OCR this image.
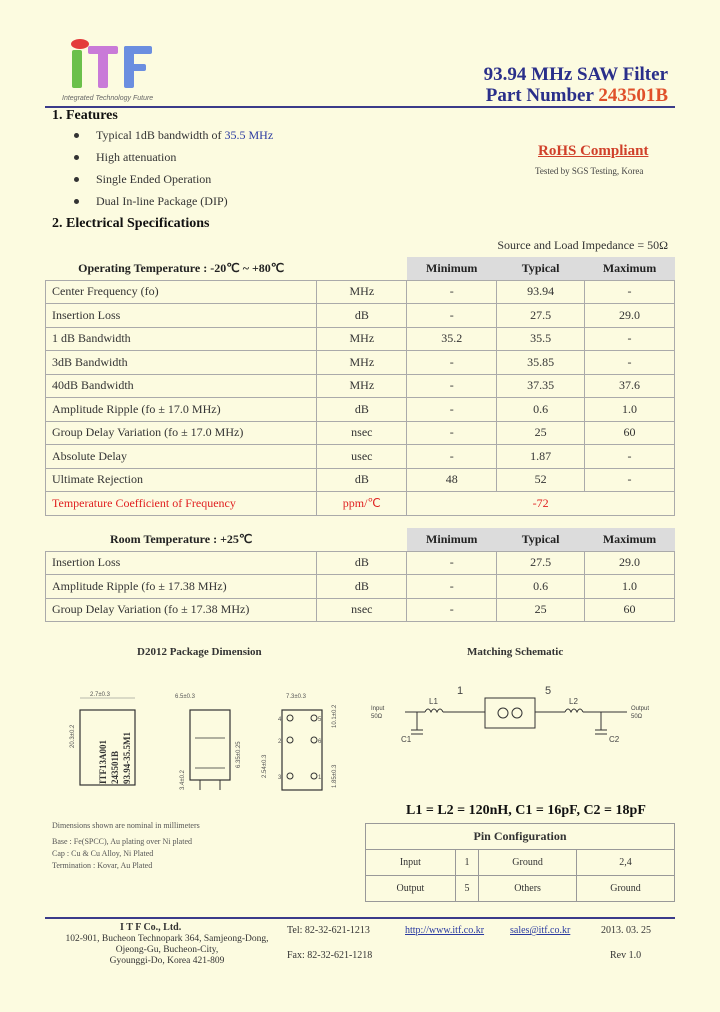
Integrated Technology Future
93.94 MHz SAW Filter
Part Number 243501B
1. Features
Typical 1dB bandwidth of 35.5 MHz
High attenuation
Single Ended Operation
Dual In-line Package (DIP)
RoHS Compliant
Tested by SGS Testing, Korea
2. Electrical Specifications
Source and Load Impedance = 50Ω
Operating Temperature : -20℃ ~ +80℃		Minimum	Typical	Maximum
Center Frequency (fo)	MHz	-	93.94	-
Insertion Loss	dB	-	27.5	29.0
1 dB Bandwidth	MHz	35.2	35.5	-
3dB Bandwidth	MHz	-	35.85	-
40dB Bandwidth	MHz	-	37.35	37.6
Amplitude Ripple (fo ± 17.0 MHz)	dB	-	0.6	1.0
Group Delay Variation (fo ± 17.0 MHz)	nsec	-	25	60
Absolute Delay	usec	-	1.87	-
Ultimate Rejection	dB	48	52	-
Temperature Coefficient of Frequency	ppm/℃	-72		
Room Temperature : +25℃		Minimum	Typical	Maximum
Insertion Loss	dB	-	27.5	29.0
Amplitude Ripple (fo ± 17.38 MHz)	dB	-	0.6	1.0
Group Delay Variation (fo ± 17.38 MHz)	nsec	-	25	60
D2012 Package Dimension
2.7±0.3
20.3±0.2
ITF13A001 243501B 93.94-35.5M1
6.5±0.3
6.35±0.25
3.4±0.2
4	5
6
3	1
2
7.3±0.3
2.54±0.3
10.1±0.2
1.85±0.3
Dimensions shown are nominal in millimeters
Base : Fe(SPCC), Au plating over Ni plated
Cap : Cu & Cu Alloy, Ni Plated
Termination : Kovar, Au Plated
Matching Schematic
1	5
Input
50Ω
Output
50Ω
L1	L2
C1	C2
L1 = L2 = 120nH, C1 = 16pF, C2 = 18pF
Pin Configuration			
Input	1	Ground	2,4
Output	5	Others	Ground
I T F Co., Ltd.
102-901, Bucheon Technopark 364, Samjeong-Dong,
Ojeong-Gu, Bucheon-City,
Gyounggi-Do, Korea 421-809
Tel: 82-32-621-1213
Fax: 82-32-621-1218
http://www.itf.co.kr	sales@itf.co.kr	2013. 03. 25
Rev 1.0
